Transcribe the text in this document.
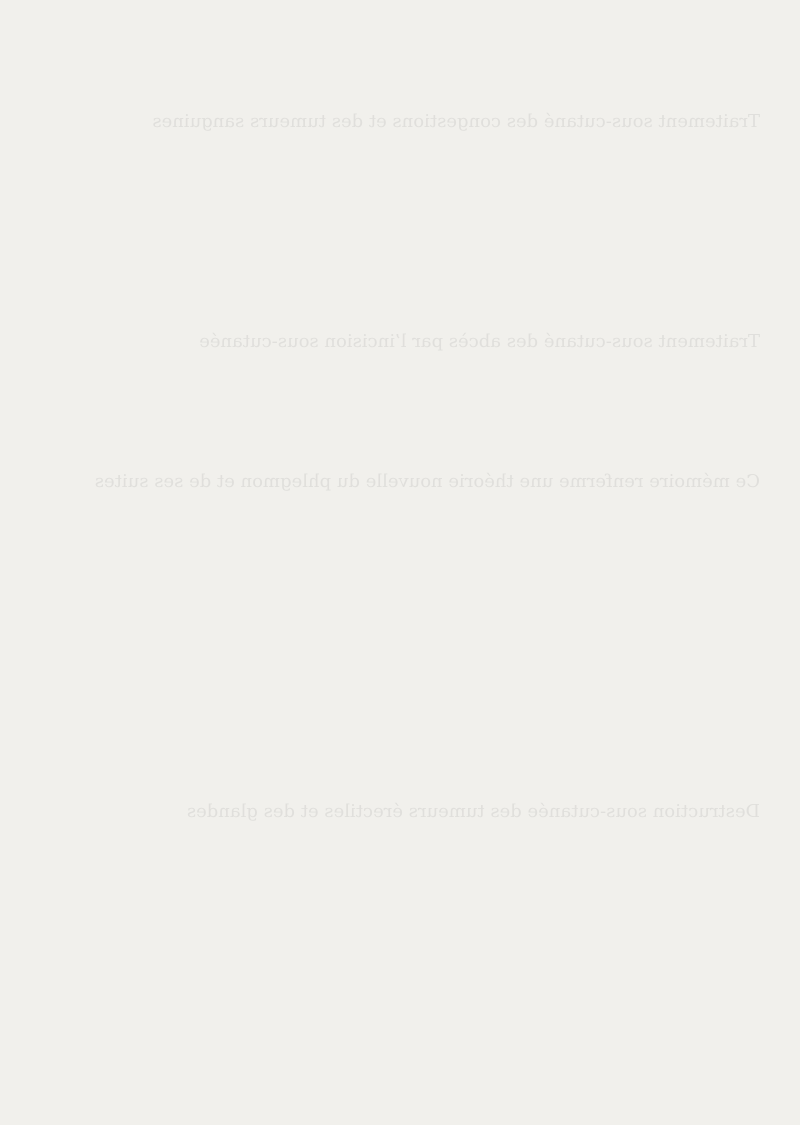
Traitement sous-cutané des congestions et des tumeurs sanguines
Traitement sous-cutané des abcès par l’incision sous-cutanée
Ce mémoire renferme une théorie nouvelle du phlegmon et de ses suites
Destruction sous-cutanée des tumeurs érectiles et des glandes
